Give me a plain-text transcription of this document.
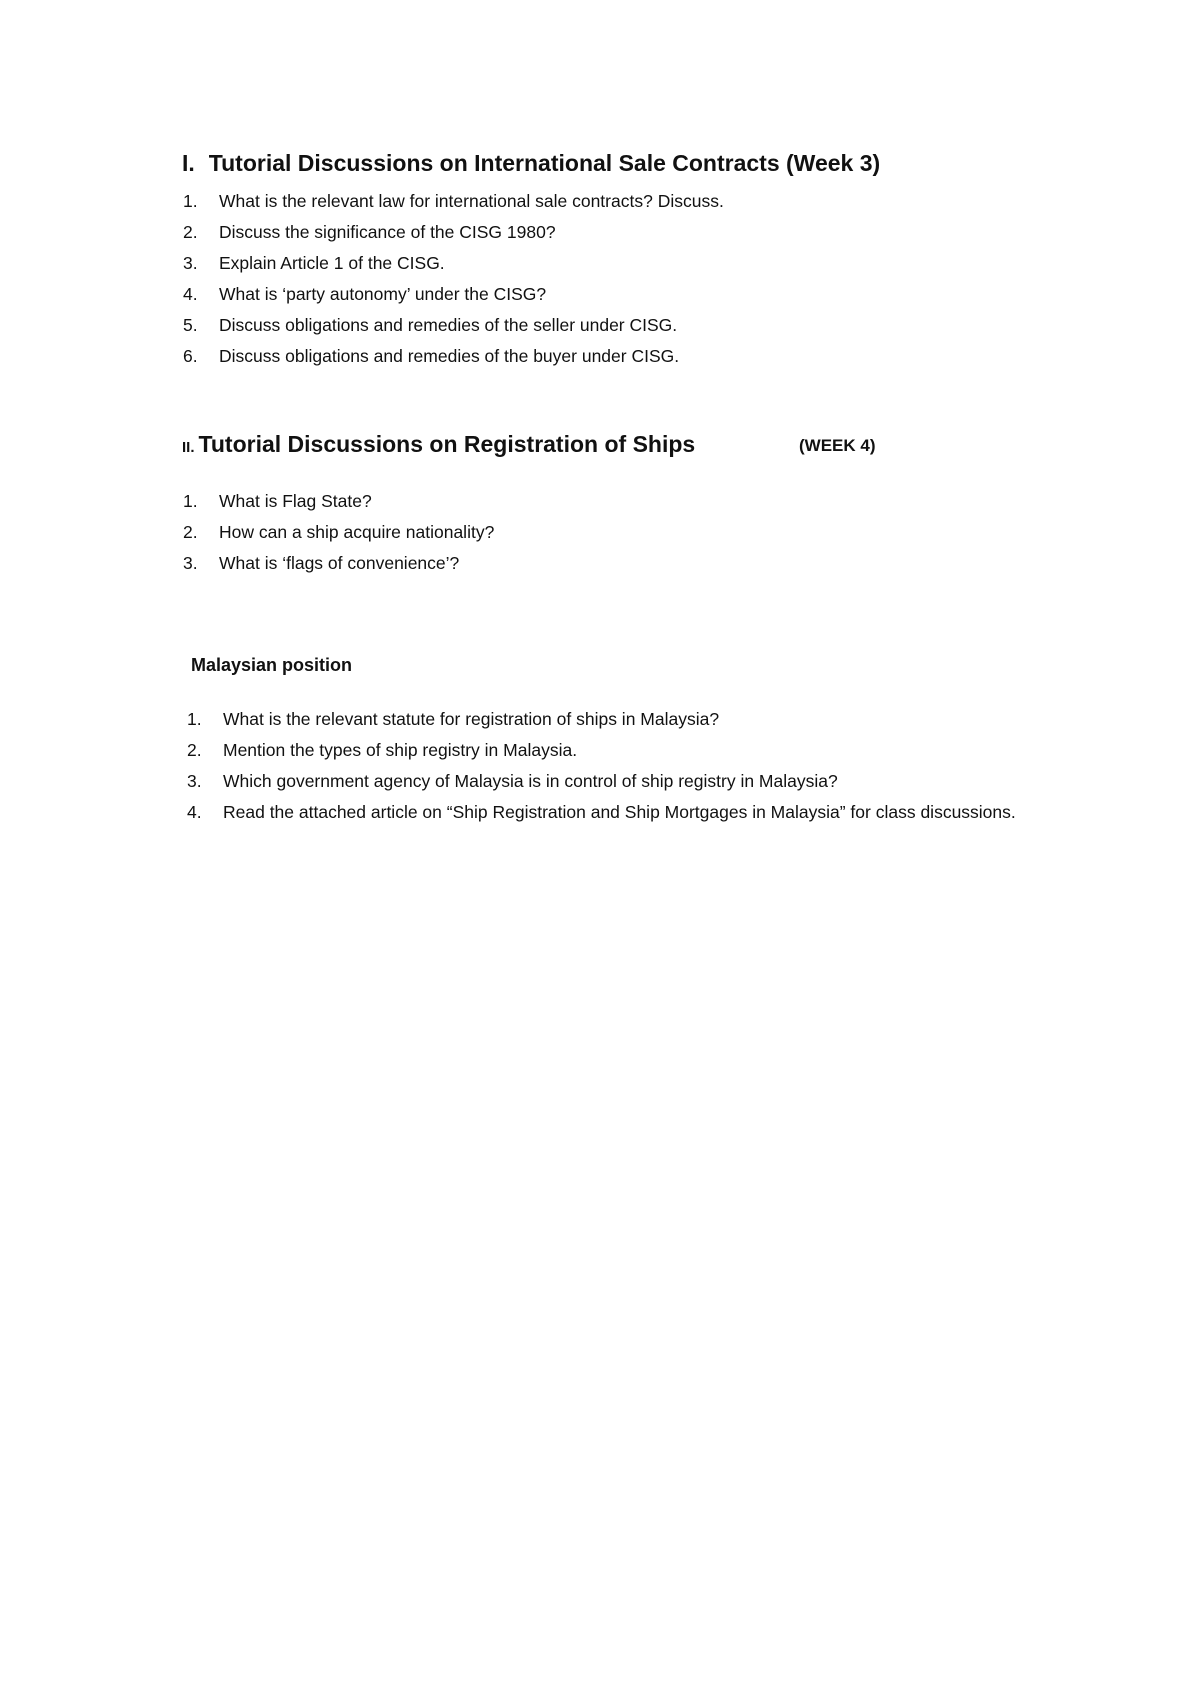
I. Tutorial Discussions on International Sale Contracts (Week 3)
1. What is the relevant law for international sale contracts? Discuss.
2. Discuss the significance of the CISG 1980?
3. Explain Article 1 of the CISG.
4. What is ‘party autonomy’ under the CISG?
5. Discuss obligations and remedies of the seller under CISG.
6. Discuss obligations and remedies of the buyer under CISG.
II. Tutorial Discussions on Registration of Ships	(WEEK 4)
1. What is Flag State?
2. How can a ship acquire nationality?
3. What is ‘flags of convenience’?
Malaysian position
1. What is the relevant statute for registration of ships in Malaysia?
2. Mention the types of ship registry in Malaysia.
3. Which government agency of Malaysia is in control of ship registry in Malaysia?
4. Read the attached article on “Ship Registration and Ship Mortgages in Malaysia” for class discussions.
